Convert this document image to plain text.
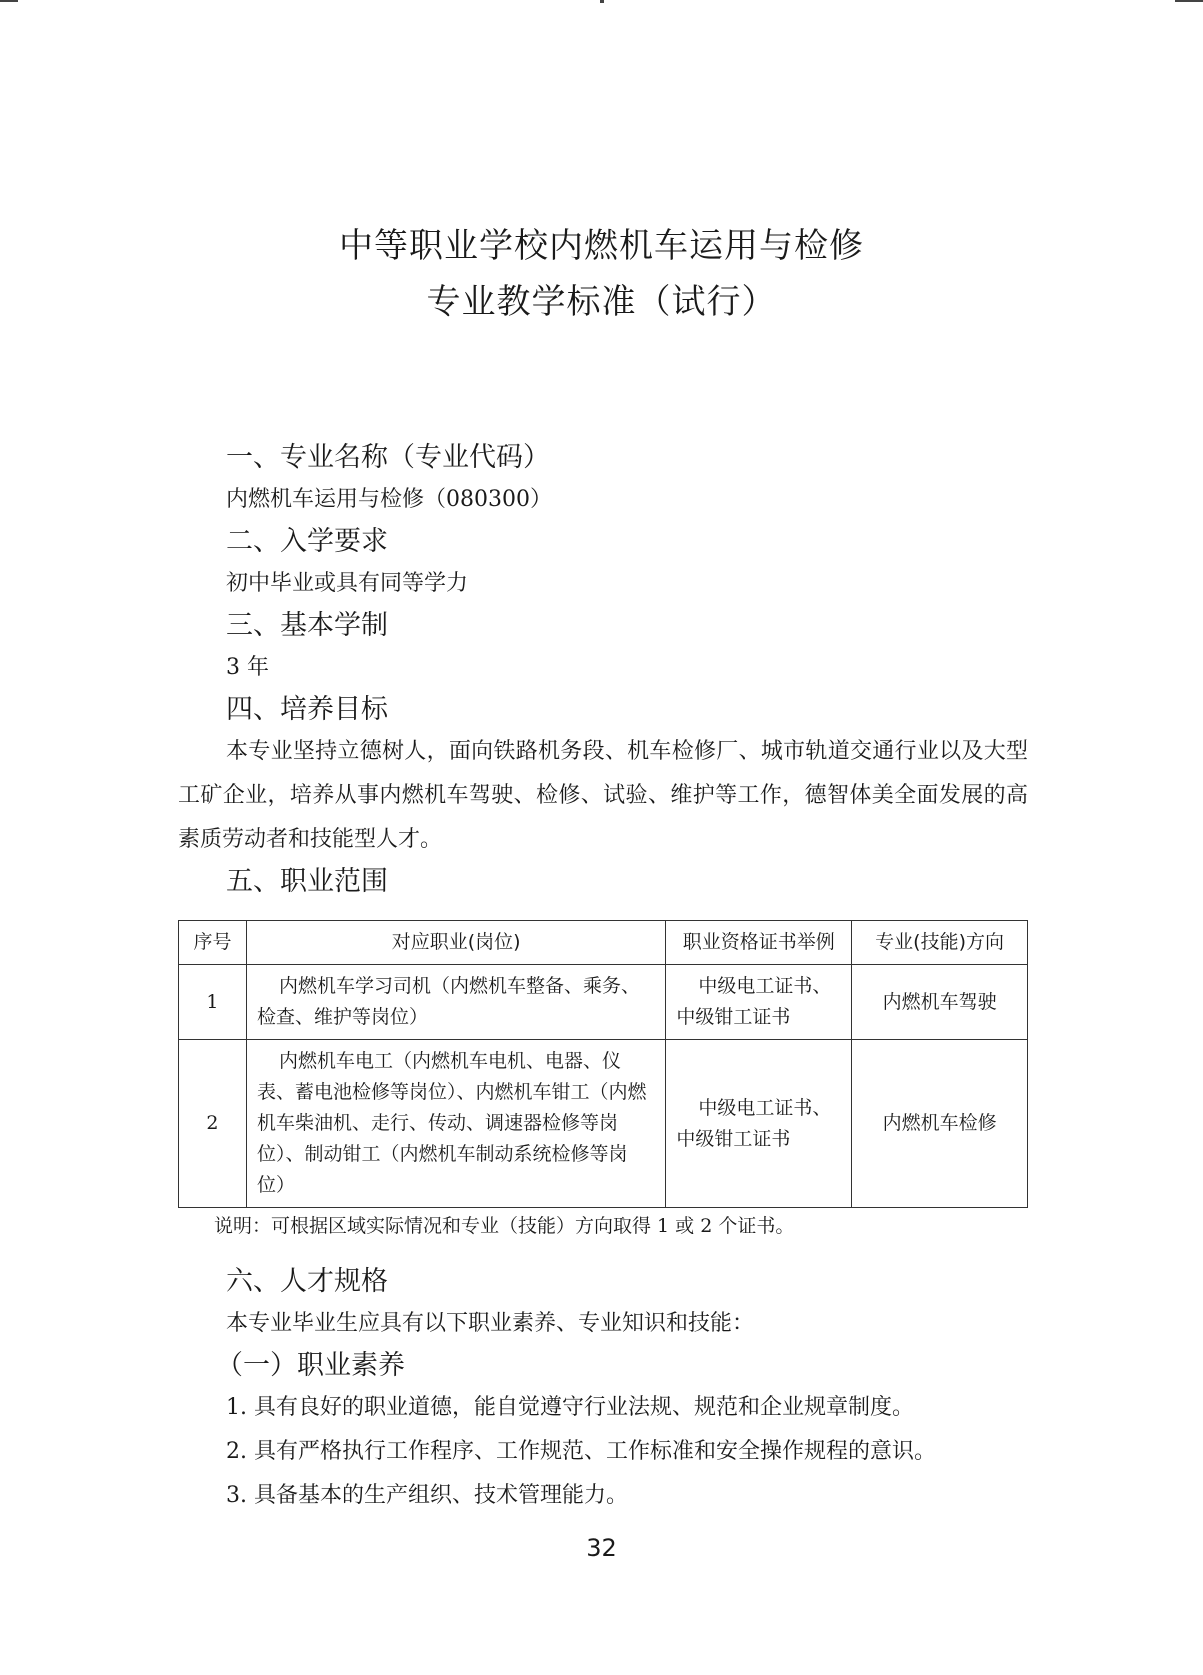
中等职业学校内燃机车运用与检修
专业教学标准（试行）

一、专业名称（专业代码）

内燃机车运用与检修（080300）

二、入学要求

初中毕业或具有同等学力

三、基本学制

3 年

四、培养目标

本专业坚持立德树人，面向铁路机务段、机车检修厂、城市轨道交通行业以及大型工矿企业，培养从事内燃机车驾驶、检修、试验、维护等工作，德智体美全面发展的高素质劳动者和技能型人才。

五、职业范围

序号	对应职业(岗位)	职业资格证书举例	专业(技能)方向
1	内燃机车学习司机（内燃机车整备、乘务、检查、维护等岗位）	中级电工证书、中级钳工证书	内燃机车驾驶
2	内燃机车电工（内燃机车电机、电器、仪表、蓄电池检修等岗位）、内燃机车钳工（内燃机车柴油机、走行、传动、调速器检修等岗位）、制动钳工（内燃机车制动系统检修等岗位）	中级电工证书、中级钳工证书	内燃机车检修

说明：可根据区域实际情况和专业（技能）方向取得 1 或 2 个证书。

六、人才规格

本专业毕业生应具有以下职业素养、专业知识和技能：

（一）职业素养

1. 具有良好的职业道德，能自觉遵守行业法规、规范和企业规章制度。

2. 具有严格执行工作程序、工作规范、工作标准和安全操作规程的意识。

3. 具备基本的生产组织、技术管理能力。

32
